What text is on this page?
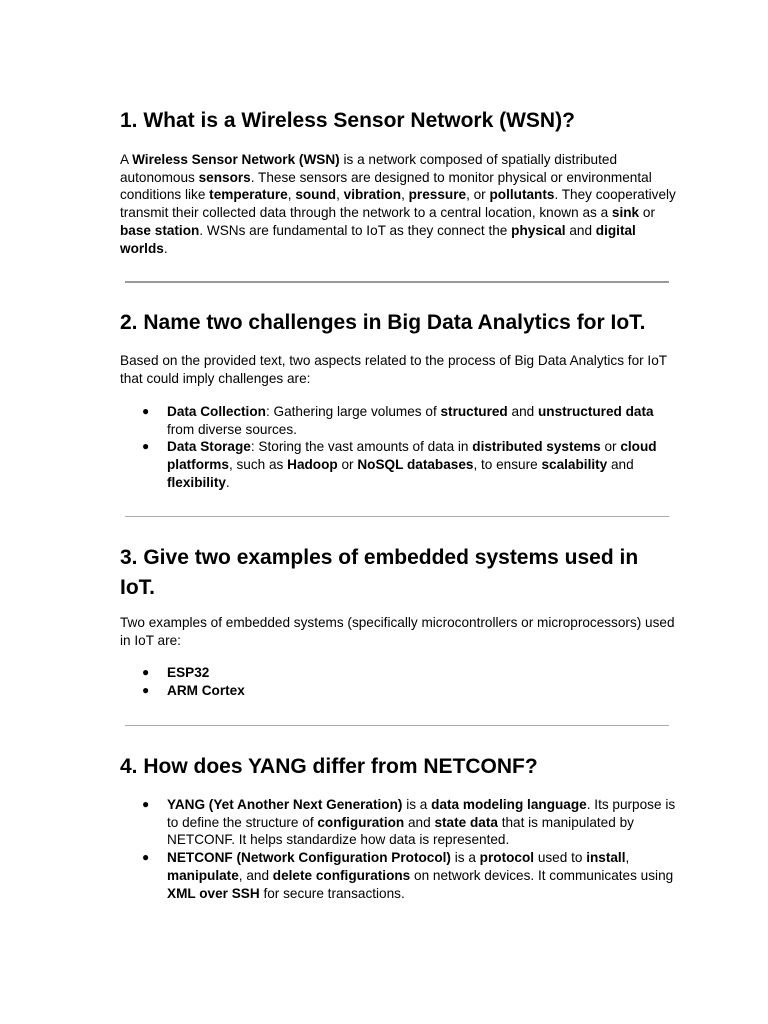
1. What is a Wireless Sensor Network (WSN)?

A Wireless Sensor Network (WSN) is a network composed of spatially distributed autonomous sensors. These sensors are designed to monitor physical or environmental conditions like temperature, sound, vibration, pressure, or pollutants. They cooperatively transmit their collected data through the network to a central location, known as a sink or base station. WSNs are fundamental to IoT as they connect the physical and digital worlds.

2. Name two challenges in Big Data Analytics for IoT.

Based on the provided text, two aspects related to the process of Big Data Analytics for IoT that could imply challenges are:

● Data Collection: Gathering large volumes of structured and unstructured data from diverse sources.
● Data Storage: Storing the vast amounts of data in distributed systems or cloud platforms, such as Hadoop or NoSQL databases, to ensure scalability and flexibility.
3. Give two examples of embedded systems used in IoT.

Two examples of embedded systems (specifically microcontrollers or microprocessors) used in IoT are:

● ESP32
● ARM Cortex
4. How does YANG differ from NETCONF?
● YANG (Yet Another Next Generation) is a data modeling language. Its purpose is to define the structure of configuration and state data that is manipulated by NETCONF. It helps standardize how data is represented.
● NETCONF (Network Configuration Protocol) is a protocol used to install, manipulate, and delete configurations on network devices. It communicates using XML over SSH for secure transactions.
